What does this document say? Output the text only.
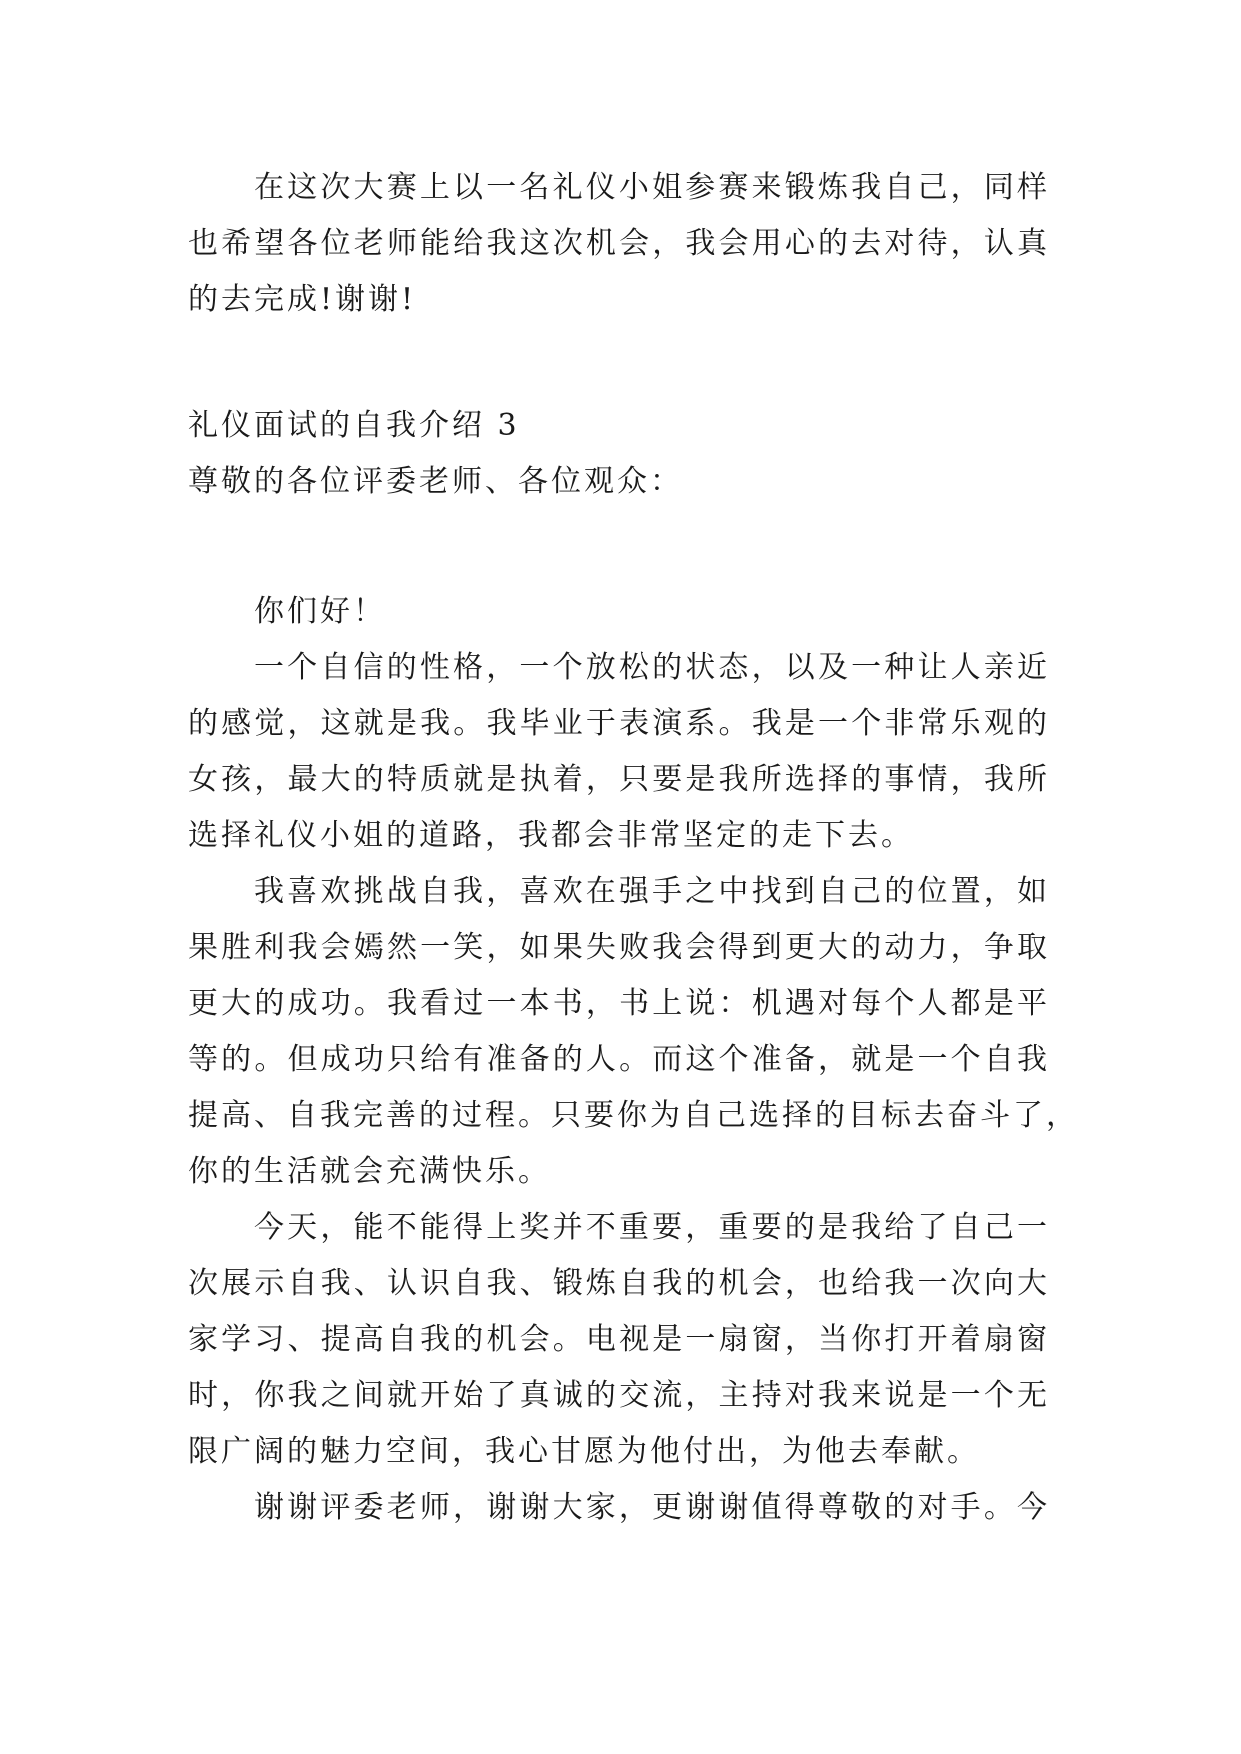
在这次大赛上以一名礼仪小姐参赛来锻炼我自己，同样
也希望各位老师能给我这次机会，我会用心的去对待，认真
的去完成!谢谢!
礼仪面试的自我介绍 3
尊敬的各位评委老师、各位观众：
你们好！
一个自信的性格，一个放松的状态，以及一种让人亲近
的感觉，这就是我。我毕业于表演系。我是一个非常乐观的
女孩，最大的特质就是执着，只要是我所选择的事情，我所
选择礼仪小姐的道路，我都会非常坚定的走下去。
我喜欢挑战自我，喜欢在强手之中找到自己的位置，如
果胜利我会嫣然一笑，如果失败我会得到更大的动力，争取
更大的成功。我看过一本书，书上说：机遇对每个人都是平
等的。但成功只给有准备的人。而这个准备，就是一个自我
提高、自我完善的过程。只要你为自己选择的目标去奋斗了，
你的生活就会充满快乐。
今天，能不能得上奖并不重要，重要的是我给了自己一
次展示自我、认识自我、锻炼自我的机会，也给我一次向大
家学习、提高自我的机会。电视是一扇窗，当你打开着扇窗
时，你我之间就开始了真诚的交流，主持对我来说是一个无
限广阔的魅力空间，我心甘愿为他付出，为他去奉献。
谢谢评委老师，谢谢大家，更谢谢值得尊敬的对手。今
